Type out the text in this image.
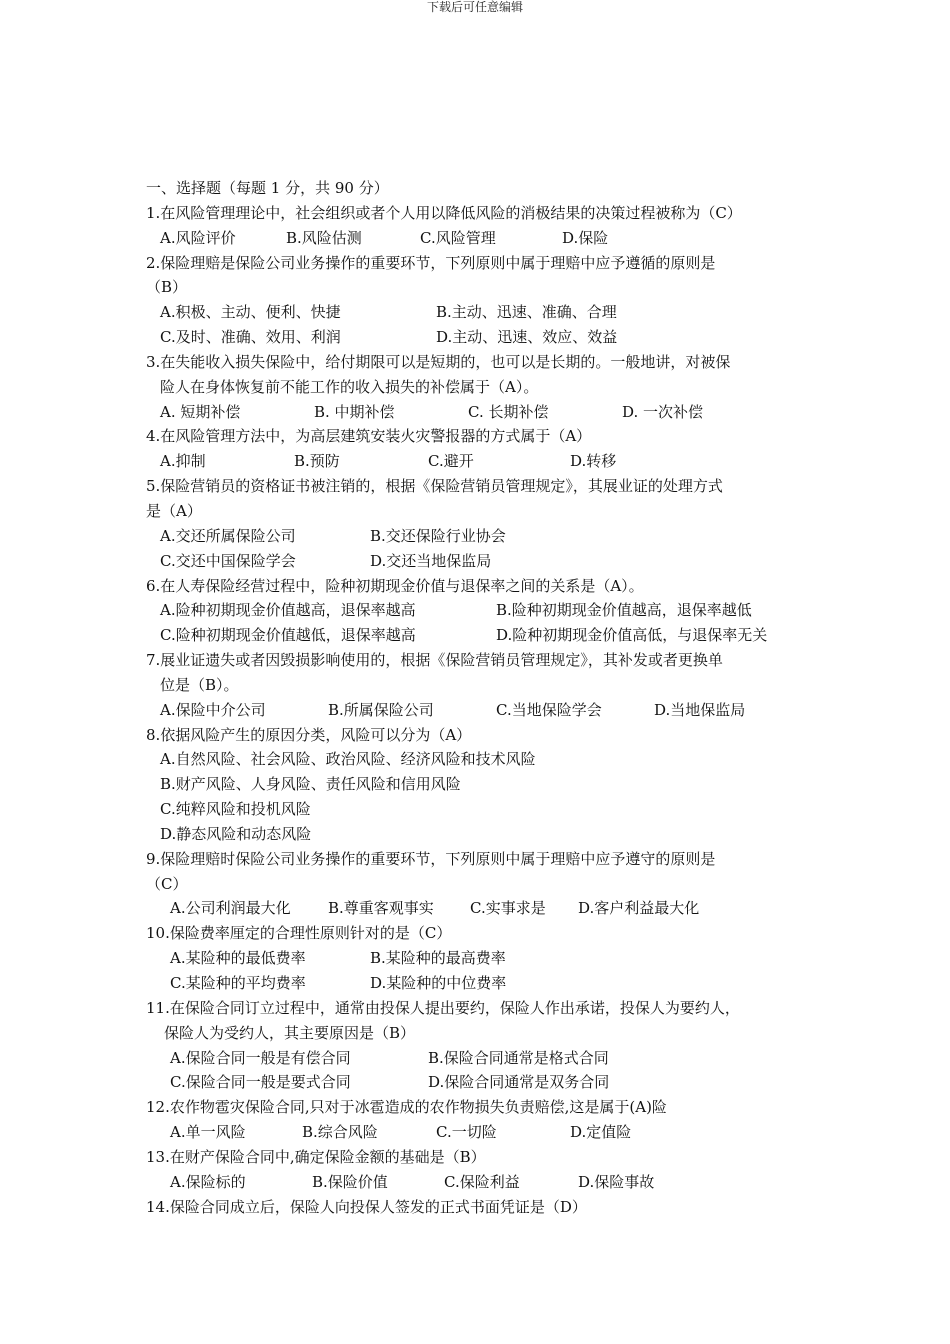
下载后可任意编辑
一、选择题（每题 1 分，共 90 分）
1.在风险管理理论中，社会组织或者个人用以降低风险的消极结果的决策过程被称为（C）
A.风险评价	B.风险估测	C.风险管理	D.保险
2.保险理赔是保险公司业务操作的重要环节，下列原则中属于理赔中应予遵循的原则是
（B）
A.积极、主动、便利、快捷	B.主动、迅速、准确、合理
C.及时、准确、效用、利润	D.主动、迅速、效应、效益
3.在失能收入损失保险中，给付期限可以是短期的，也可以是长期的。一般地讲，对被保
险人在身体恢复前不能工作的收入损失的补偿属于（A）。
A. 短期补偿	B. 中期补偿	C. 长期补偿	D. 一次补偿
4.在风险管理方法中，为高层建筑安装火灾警报器的方式属于（A）
A.抑制	B.预防	C.避开	D.转移
5.保险营销员的资格证书被注销的，根据《保险营销员管理规定》，其展业证的处理方式
是（A）
A.交还所属保险公司	B.交还保险行业协会
C.交还中国保险学会	D.交还当地保监局
6.在人寿保险经营过程中，险种初期现金价值与退保率之间的关系是（A）。
A.险种初期现金价值越高，退保率越高	B.险种初期现金价值越高，退保率越低
C.险种初期现金价值越低，退保率越高	D.险种初期现金价值高低，与退保率无关
7.展业证遗失或者因毁损影响使用的，根据《保险营销员管理规定》，其补发或者更换单
位是（B）。
A.保险中介公司	B.所属保险公司	C.当地保险学会	D.当地保监局
8.依据风险产生的原因分类，风险可以分为（A）
A.自然风险、社会风险、政治风险、经济风险和技术风险
B.财产风险、人身风险、责任风险和信用风险
C.纯粹风险和投机风险
D.静态风险和动态风险
9.保险理赔时保险公司业务操作的重要环节，下列原则中属于理赔中应予遵守的原则是
（C）
A.公司利润最大化 B.尊重客观事实 C.实事求是 D.客户利益最大化
10.保险费率厘定的合理性原则针对的是（C）
A.某险种的最低费率	B.某险种的最高费率
C.某险种的平均费率	D.某险种的中位费率
11.在保险合同订立过程中，通常由投保人提出要约，保险人作出承诺，投保人为要约人，
保险人为受约人，其主要原因是（B）
A.保险合同一般是有偿合同	B.保险合同通常是格式合同
C.保险合同一般是要式合同	D.保险合同通常是双务合同
12.农作物雹灾保险合同,只对于冰雹造成的农作物损失负责赔偿,这是属于(A)险
A.单一风险	B.综合风险	C.一切险	D.定值险
13.在财产保险合同中,确定保险金额的基础是（B）
A.保险标的	B.保险价值	C.保险利益	D.保险事故
14.保险合同成立后，保险人向投保人签发的正式书面凭证是（D）
